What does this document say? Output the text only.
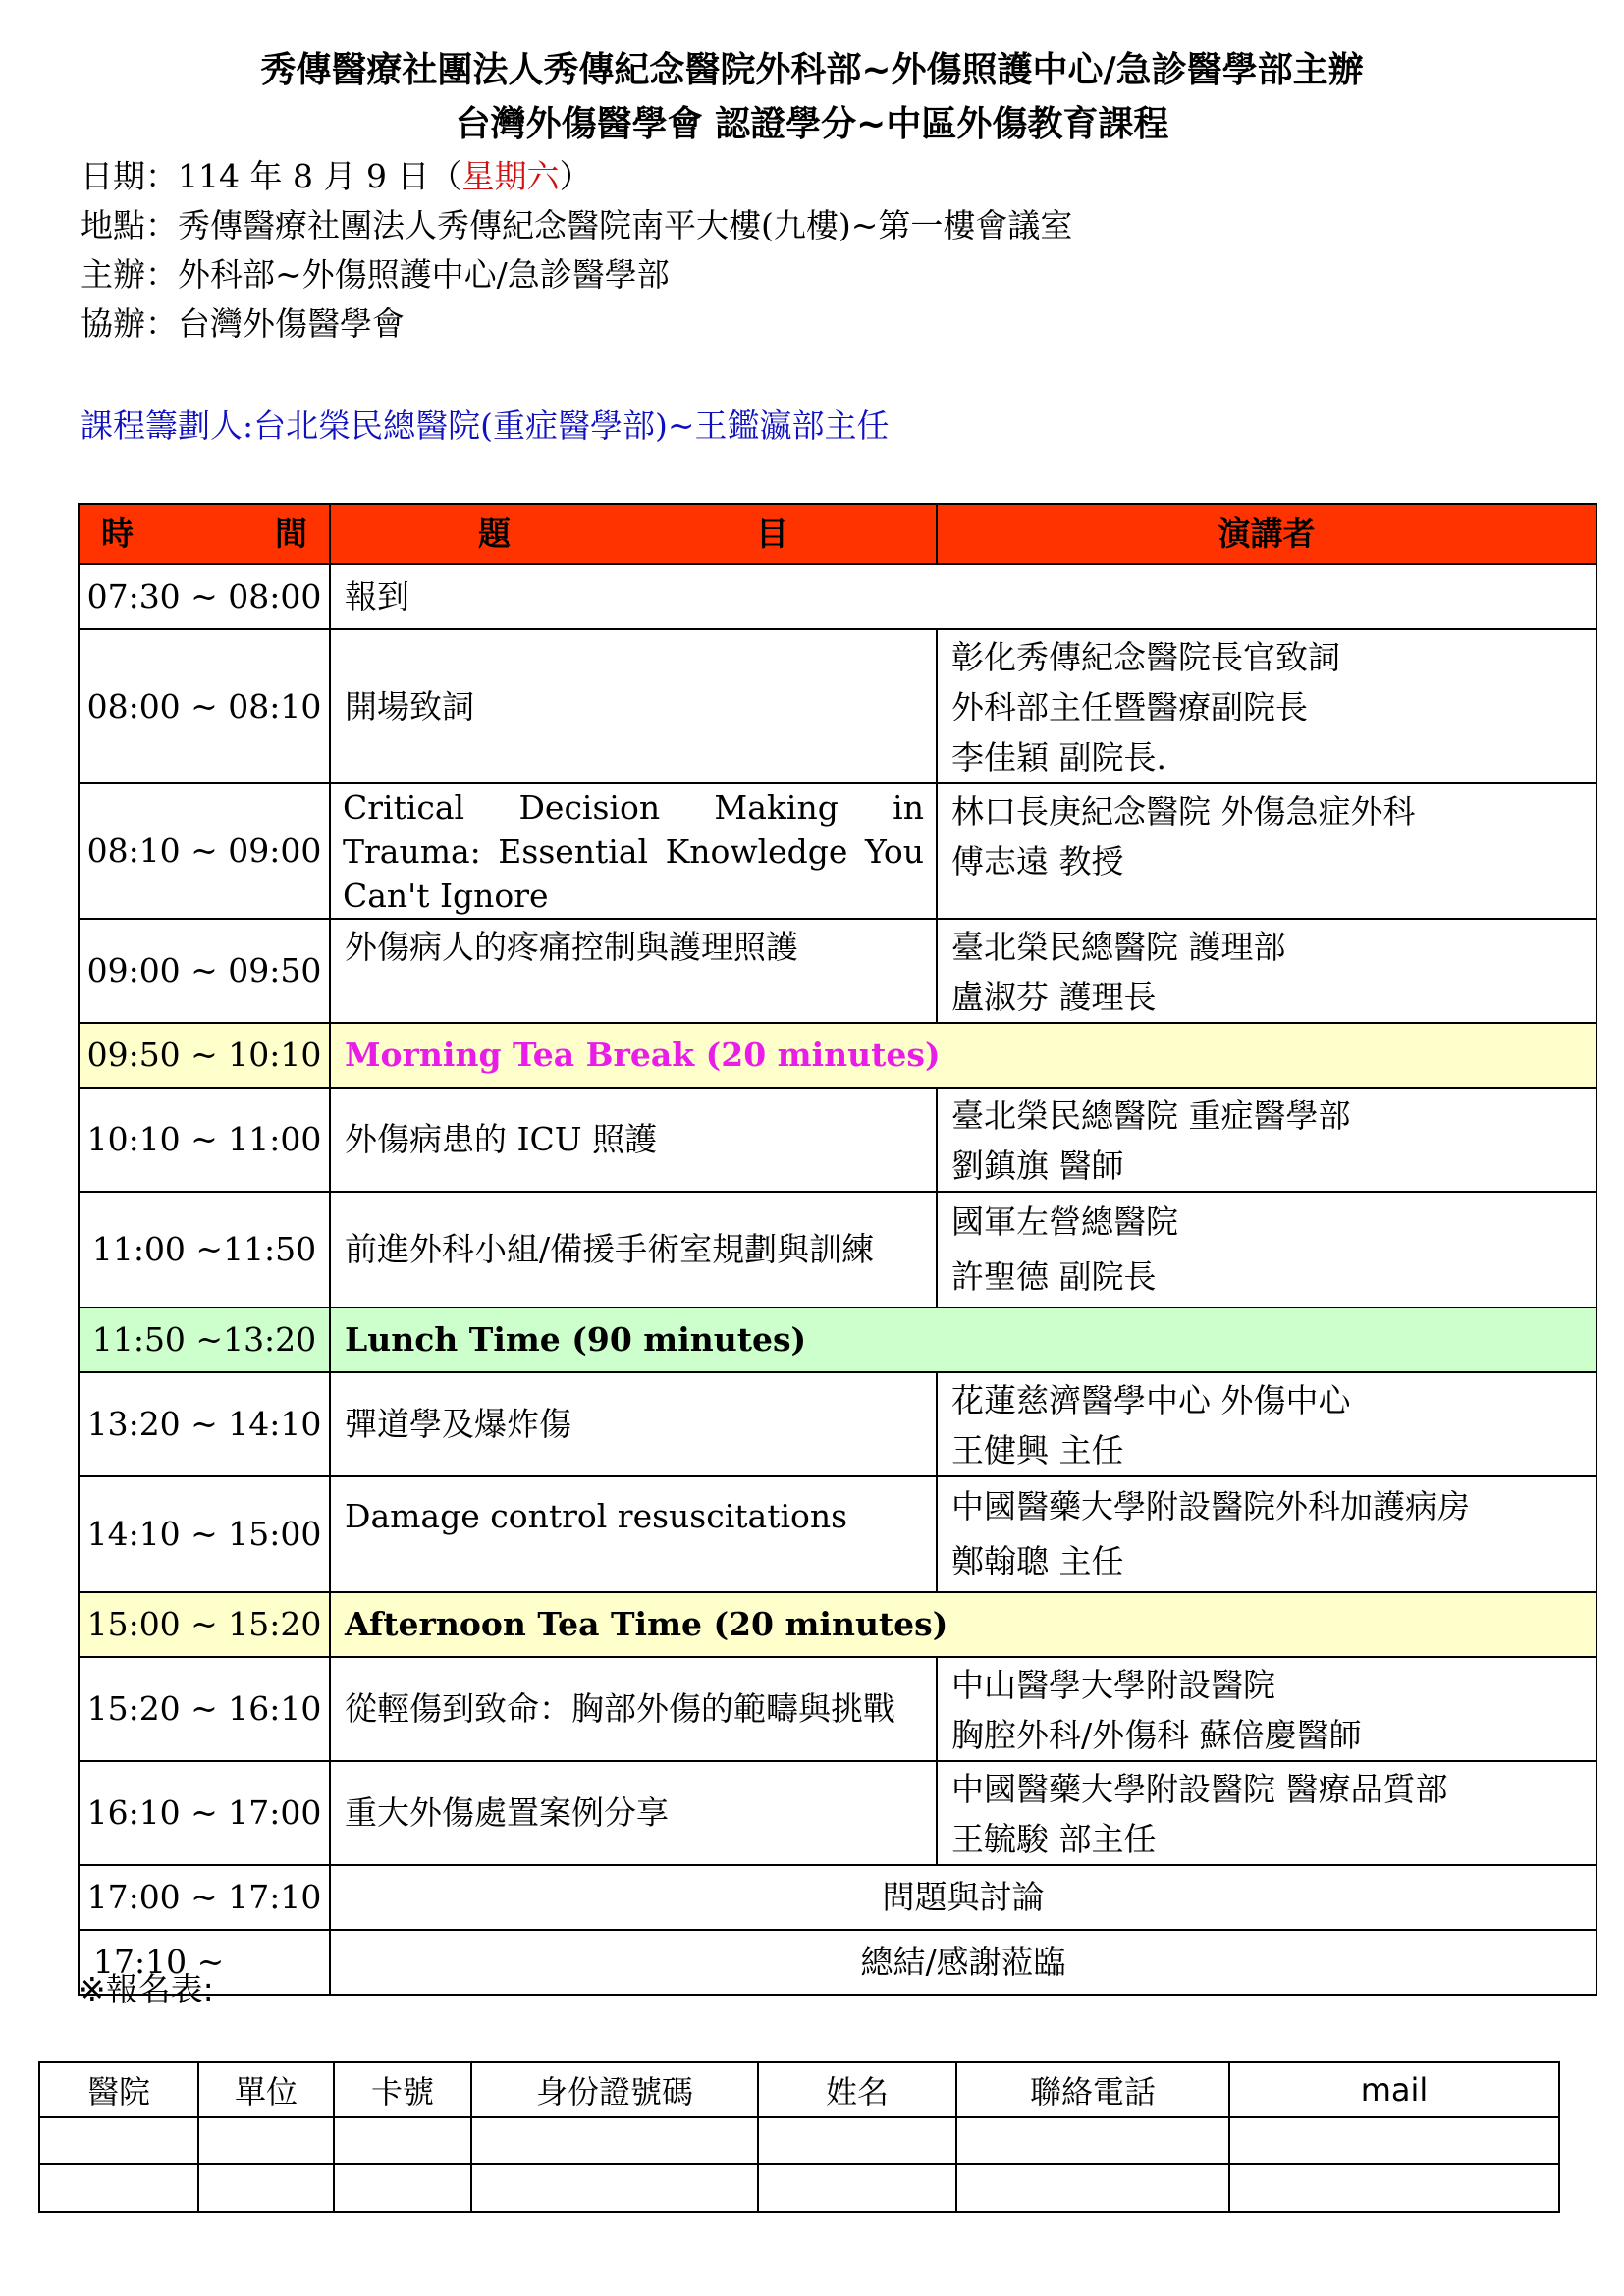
秀傳醫療社團法人秀傳紀念醫院外科部~外傷照護中心/急診醫學部主辦
台灣外傷醫學會 認證學分~中區外傷教育課程
日期：114 年 8 月 9 日（星期六）
地點：秀傳醫療社團法人秀傳紀念醫院南平大樓(九樓)~第一樓會議室
主辦：外科部~外傷照護中心/急診醫學部
協辦：台灣外傷醫學會
課程籌劃人:台北榮民總醫院(重症醫學部)~王鑑瀛部主任
時 間	題 目	演講者
07:30 ~ 08:00	報到	
08:00 ~ 08:10	開場致詞	彰化秀傳紀念醫院長官致詞
外科部主任暨醫療副院長
李佳穎 副院長.

08:10 ~ 09:00	Critical Decision Making in Trauma: Essential Knowledge You Can't Ignore	林口長庚紀念醫院 外傷急症外科
傅志遠 教授

09:00 ~ 09:50	外傷病人的疼痛控制與護理照護	臺北榮民總醫院 護理部
盧淑芬 護理長

09:50 ~ 10:10	Morning Tea Break (20 minutes)	
10:10 ~ 11:00	外傷病患的 ICU 照護	臺北榮民總醫院 重症醫學部
劉鎮旗 醫師

11:00 ~11:50	前進外科小組/備援手術室規劃與訓練	國軍左營總醫院
許聖德 副院長

11:50 ~13:20	Lunch Time (90 minutes)	
13:20 ~ 14:10	彈道學及爆炸傷	花蓮慈濟醫學中心 外傷中心
王健興 主任

14:10 ~ 15:00	Damage control resuscitations	中國醫藥大學附設醫院外科加護病房
鄭翰聰 主任

15:00 ~ 15:20	Afternoon Tea Time (20 minutes)	
15:20 ~ 16:10	從輕傷到致命：胸部外傷的範疇與挑戰	中山醫學大學附設醫院
胸腔外科/外傷科 蘇倍慶醫師

16:10 ~ 17:00	重大外傷處置案例分享	中國醫藥大學附設醫院 醫療品質部
王毓駿 部主任

17:00 ~ 17:10	問題與討論	
17:10 ~	總結/感謝蒞臨	
※報名表:
醫院	單位	卡號	身份證號碼	姓名	聯絡電話	mail
